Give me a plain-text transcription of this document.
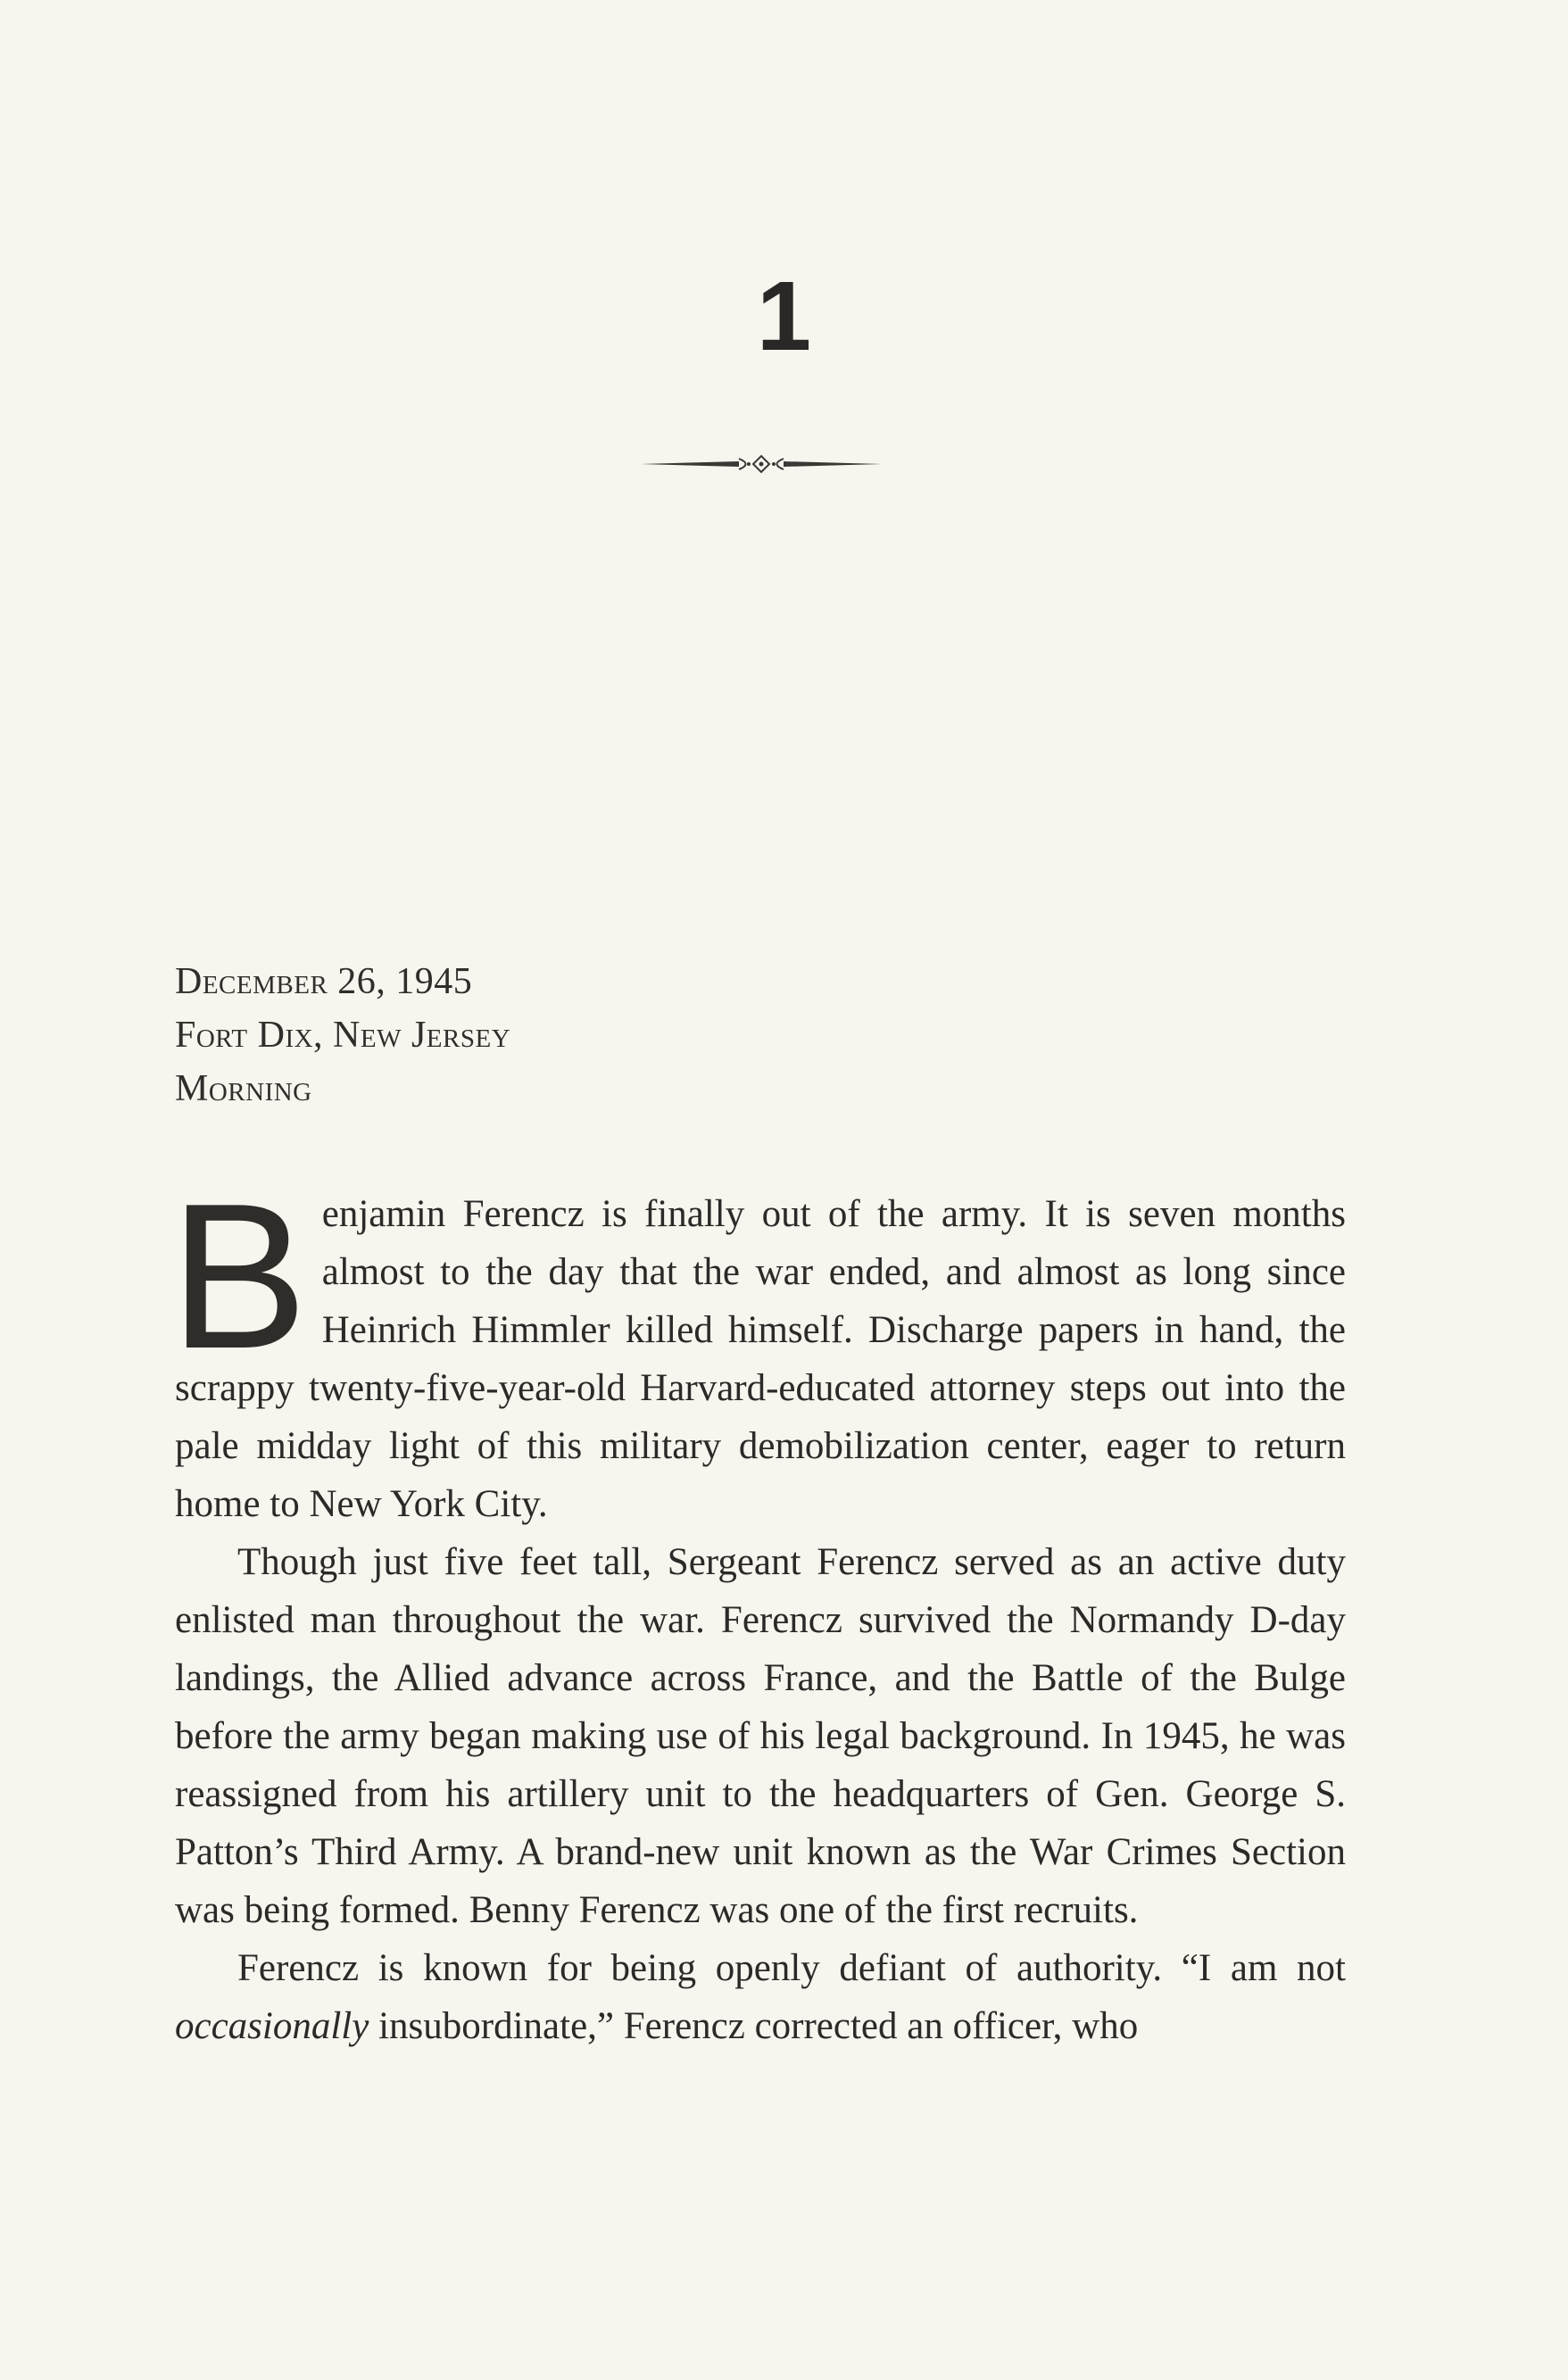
1
December 26, 1945
Fort Dix, New Jersey
Morning

Benjamin Ferencz is finally out of the army. It is seven months almost to the day that the war ended, and almost as long since Heinrich Himmler killed himself. Discharge papers in hand, the scrappy twenty-five-year-old Harvard-educated attorney steps out into the pale midday light of this military demobilization center, eager to return home to New York City.

Though just five feet tall, Sergeant Ferencz served as an active duty enlisted man throughout the war. Ferencz survived the Normandy D-day landings, the Allied advance across France, and the Battle of the Bulge before the army began making use of his legal background. In 1945, he was reassigned from his artillery unit to the headquarters of Gen. George S. Patton’s Third Army. A brand-new unit known as the War Crimes Section was being formed. Benny Ferencz was one of the first recruits.

Ferencz is known for being openly defiant of authority. “I am not occasionally insubordinate,” Ferencz corrected an officer, who
